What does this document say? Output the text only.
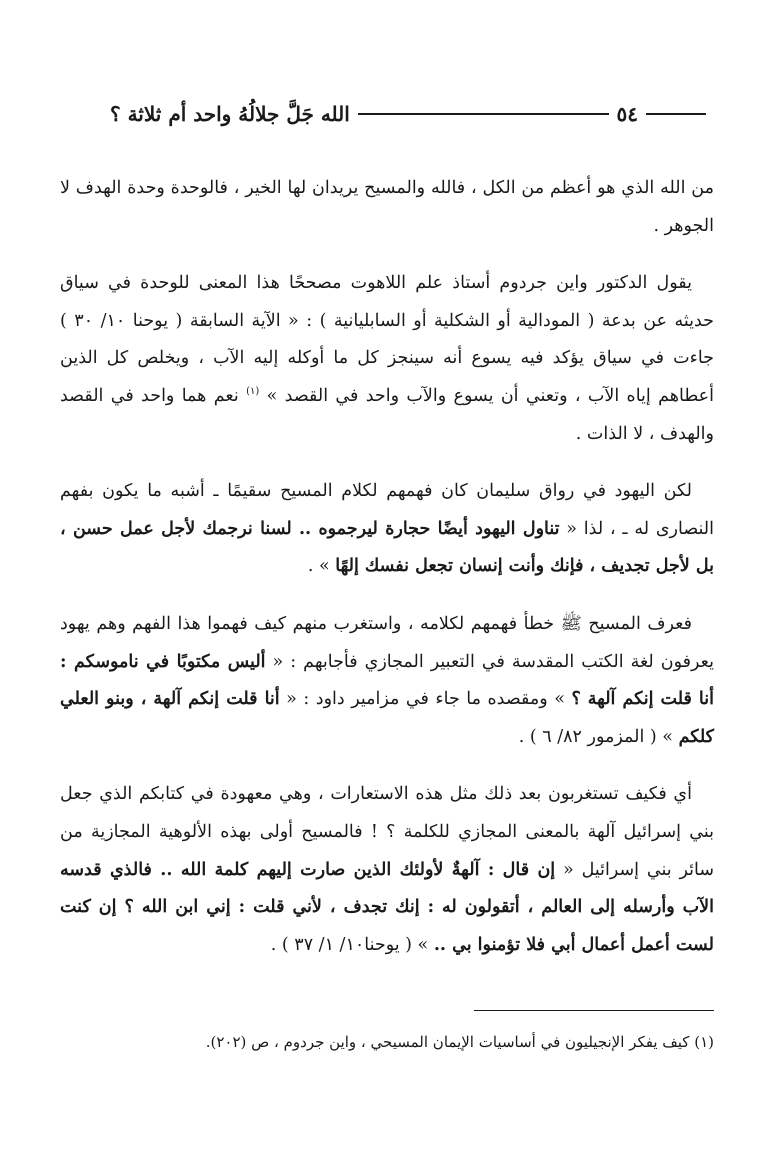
٥٤
الله جَلَّ جلالُهُ واحد أم ثلاثة ؟

من الله الذي هو أعظم من الكل ، فالله والمسيح يريدان لها الخير ، فالوحدة وحدة الهدف لا الجوهر .

يقول الدكتور واين جردوم أستاذ علم اللاهوت مصححًا هذا المعنى للوحدة في سياق حديثه عن بدعة ( المودالية أو الشكلية أو السابليانية ) : « الآية السابقة ( يوحنا ١٠/ ٣٠ ) جاءت في سياق يؤكد فيه يسوع أنه سينجز كل ما أوكله إليه الآب ، ويخلص كل الذين أعطاهم إياه الآب ، وتعني أن يسوع والآب واحد في القصد » $^{(١)}$ نعم هما واحد في القصد والهدف ، لا الذات .

لكن اليهود في رواق سليمان كان فهمهم لكلام المسيح سقيمًا ـ أشبه ما يكون بفهم النصارى له ـ ، لذا « تناول اليهود أيضًا حجارة ليرجموه .. لسنا نرجمك لأجل عمل حسن ، بل لأجل تجديف ، فإنك وأنت إنسان تجعل نفسك إلهًا » .

فعرف المسيح ﷺ خطأ فهمهم لكلامه ، واستغرب منهم كيف فهموا هذا الفهم وهم يهود يعرفون لغة الكتب المقدسة في التعبير المجازي فأجابهم : « أليس مكتوبًا في ناموسكم : أنا قلت إنكم آلهة ؟ » ومقصده ما جاء في مزامير داود : « أنا قلت إنكم آلهة ، وبنو العلي كلكم » ( المزمور ٨٢/ ٦ ) .

أي فكيف تستغربون بعد ذلك مثل هذه الاستعارات ، وهي معهودة في كتابكم الذي جعل بني إسرائيل آلهة بالمعنى المجازي للكلمة ؟ ! فالمسيح أولى بهذه الألوهية المجازية من سائر بني إسرائيل « إن قال : آلهةٌ لأولئك الذين صارت إليهم كلمة الله .. فالذي قدسه الآب وأرسله إلى العالم ، أتقولون له : إنك تجدف ، لأني قلت : إني ابن الله ؟ إن كنت لست أعمل أعمال أبي فلا تؤمنوا بي .. » ( يوحنا١٠/ ١/ ٣٧ ) .

(١) كيف يفكر الإنجيليون في أساسيات الإيمان المسيحي ، واين جردوم ، ص (٢٠٢).
